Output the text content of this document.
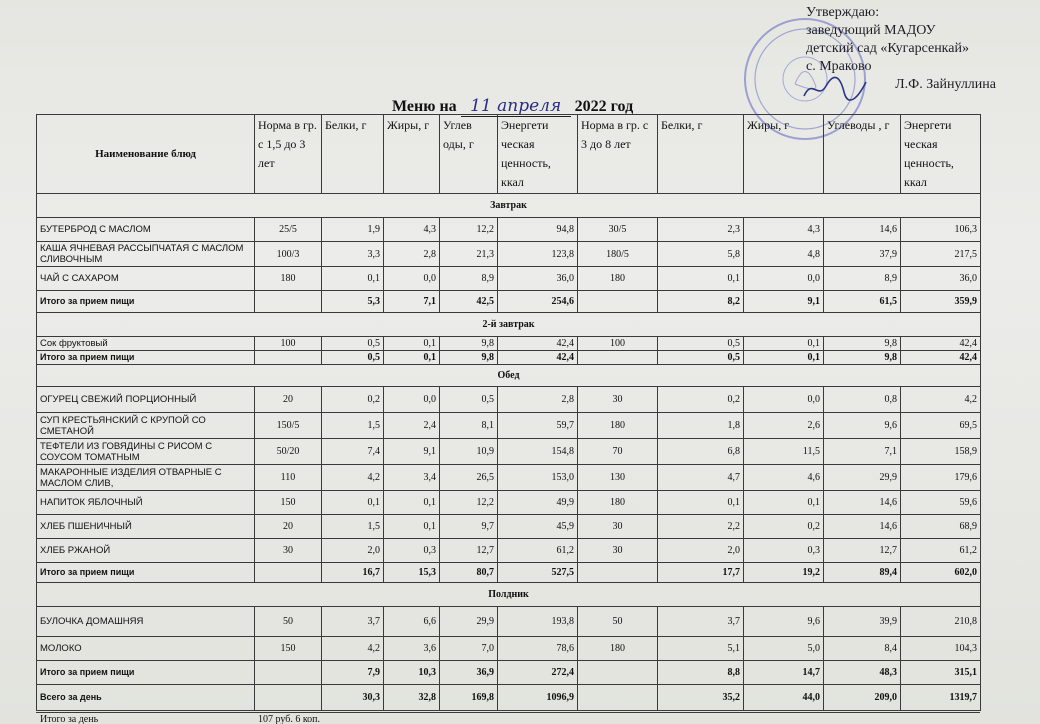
Утверждаю:
заведующий МАДОУ
детский сад «Кугарсенкай»
с. Мраково
Л.Ф. Зайнуллина
Меню на 11 апреля 2022 год
Наименование блюд	Норма в гр. с 1,5 до 3 лет	Белки, г	Жиры, г	Углев оды, г	Энергети ческая ценность, ккал	Норма в гр. с 3 до 8 лет	Белки, г	Жиры, г	Углеводы , г	Энергети ческая ценность, ккал
Завтрак										
БУТЕРБРОД С МАСЛОМ	25/5	1,9	4,3	12,2	94,8	30/5	2,3	4,3	14,6	106,3
КАША ЯЧНЕВАЯ РАССЫПЧАТАЯ С МАСЛОМ СЛИВОЧНЫМ	100/3	3,3	2,8	21,3	123,8	180/5	5,8	4,8	37,9	217,5
ЧАЙ С САХАРОМ	180	0,1	0,0	8,9	36,0	180	0,1	0,0	8,9	36,0
Итого за прием пищи		5,3	7,1	42,5	254,6		8,2	9,1	61,5	359,9
2-й завтрак										
Сок фруктовый	100	0,5	0,1	9,8	42,4	100	0,5	0,1	9,8	42,4
Итого за прием пищи		0,5	0,1	9,8	42,4		0,5	0,1	9,8	42,4
Обед										
ОГУРЕЦ СВЕЖИЙ ПОРЦИОННЫЙ	20	0,2	0,0	0,5	2,8	30	0,2	0,0	0,8	4,2
СУП КРЕСТЬЯНСКИЙ С КРУПОЙ СО СМЕТАНОЙ	150/5	1,5	2,4	8,1	59,7	180	1,8	2,6	9,6	69,5
ТЕФТЕЛИ ИЗ ГОВЯДИНЫ С РИСОМ С СОУСОМ ТОМАТНЫМ	50/20	7,4	9,1	10,9	154,8	70	6,8	11,5	7,1	158,9
МАКАРОННЫЕ ИЗДЕЛИЯ ОТВАРНЫЕ С МАСЛОМ СЛИВ,	110	4,2	3,4	26,5	153,0	130	4,7	4,6	29,9	179,6
НАПИТОК ЯБЛОЧНЫЙ	150	0,1	0,1	12,2	49,9	180	0,1	0,1	14,6	59,6
ХЛЕБ ПШЕНИЧНЫЙ	20	1,5	0,1	9,7	45,9	30	2,2	0,2	14,6	68,9
ХЛЕБ РЖАНОЙ	30	2,0	0,3	12,7	61,2	30	2,0	0,3	12,7	61,2
Итого за прием пищи		16,7	15,3	80,7	527,5		17,7	19,2	89,4	602,0
Полдник										
БУЛОЧКА ДОМАШНЯЯ	50	3,7	6,6	29,9	193,8	50	3,7	9,6	39,9	210,8
МОЛОКО	150	4,2	3,6	7,0	78,6	180	5,1	5,0	8,4	104,3
Итого за прием пищи		7,9	10,3	36,9	272,4		8,8	14,7	48,3	315,1
Всего за день		30,3	32,8	169,8	1096,9		35,2	44,0	209,0	1319,7
Итого за день	107 руб. 6 коп.
